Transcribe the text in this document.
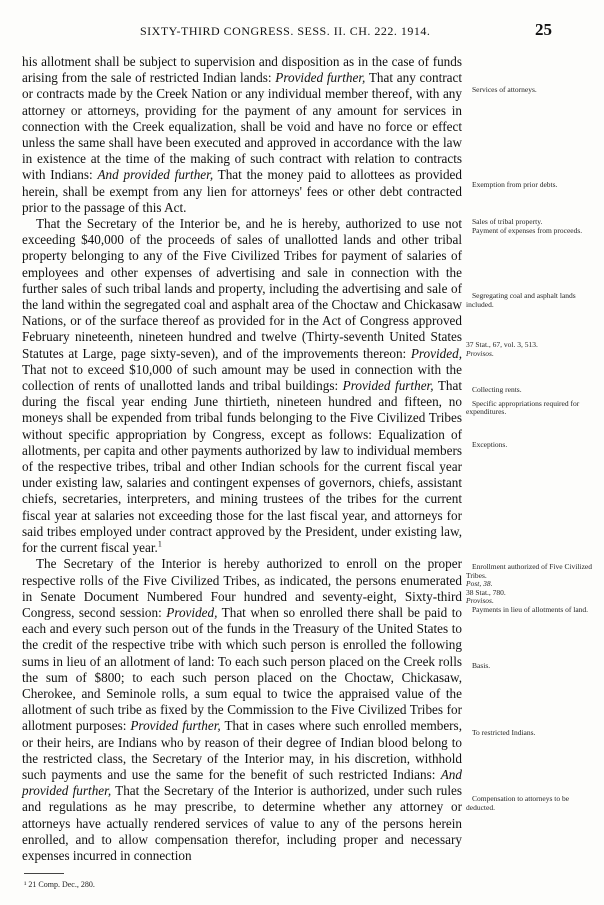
SIXTY-THIRD CONGRESS. SESS. II. CH. 222. 1914.	25

his allotment shall be subject to supervision and disposition as in the case of funds arising from the sale of restricted Indian lands: Provided further, That any contract or contracts made by the Creek Nation or any individual member thereof, with any attorney or attorneys, providing for the payment of any amount for services in connection with the Creek equalization, shall be void and have no force or effect unless the same shall have been executed and approved in accordance with the law in existence at the time of the making of such contract with relation to contracts with Indians: And provided further, That the money paid to allottees as provided herein, shall be exempt from any lien for attorneys' fees or other debt contracted prior to the passage of this Act.

That the Secretary of the Interior be, and he is hereby, authorized to use not exceeding $40,000 of the proceeds of sales of unallotted lands and other tribal property belonging to any of the Five Civilized Tribes for payment of salaries of employees and other expenses of advertising and sale in connection with the further sales of such tribal lands and property, including the advertising and sale of the land within the segregated coal and asphalt area of the Choctaw and Chickasaw Nations, or of the surface thereof as provided for in the Act of Congress approved February nineteenth, nineteen hundred and twelve (Thirty-seventh United States Statutes at Large, page sixty-seven), and of the improvements thereon: Provided, That not to exceed $10,000 of such amount may be used in connection with the collection of rents of unallotted lands and tribal buildings: Provided further, That during the fiscal year ending June thirtieth, nineteen hundred and fifteen, no moneys shall be expended from tribal funds belonging to the Five Civilized Tribes without specific appropriation by Congress, except as follows: Equalization of allotments, per capita and other payments authorized by law to individual members of the respective tribes, tribal and other Indian schools for the current fiscal year under existing law, salaries and contingent expenses of governors, chiefs, assistant chiefs, secretaries, interpreters, and mining trustees of the tribes for the current fiscal year at salaries not exceeding those for the last fiscal year, and attorneys for said tribes employed under contract approved by the President, under existing law, for the current fiscal year.$^1$

The Secretary of the Interior is hereby authorized to enroll on the proper respective rolls of the Five Civilized Tribes, as indicated, the persons enumerated in Senate Document Numbered Four hundred and seventy-eight, Sixty-third Congress, second session: Provided, That when so enrolled there shall be paid to each and every such person out of the funds in the Treasury of the United States to the credit of the respective tribe with which such person is enrolled the following sums in lieu of an allotment of land: To each such person placed on the Creek rolls the sum of $800; to each such person placed on the Choctaw, Chickasaw, Cherokee, and Seminole rolls, a sum equal to twice the appraised value of the allotment of such tribe as fixed by the Commission to the Five Civilized Tribes for allotment purposes: Provided further, That in cases where such enrolled members, or their heirs, are Indians who by reason of their degree of Indian blood belong to the restricted class, the Secretary of the Interior may, in his discretion, withhold such payments and use the same for the benefit of such restricted Indians: And provided further, That the Secretary of the Interior is authorized, under such rules and regulations as he may prescribe, to determine whether any attorney or attorneys have actually rendered services of value to any of the persons herein enrolled, and to allow compensation therefor, including proper and necessary expenses incurred in connection

Services of attorneys.
Exemption from prior debts.
Sales of tribal property.
Payment of expenses from proceeds.
Segregating coal and asphalt lands included.
37 Stat., 67, vol. 3, 513.
Provisos.
Collecting rents.
Specific appropriations required for expenditures.
Exceptions.
Enrollment authorized of Five Civilized Tribes.
Post, 38.
38 Stat., 780.
Provisos.
Payments in lieu of allotments of land.
Basis.
To restricted Indians.
Compensation to attorneys to be deducted.
¹ 21 Comp. Dec., 280.
